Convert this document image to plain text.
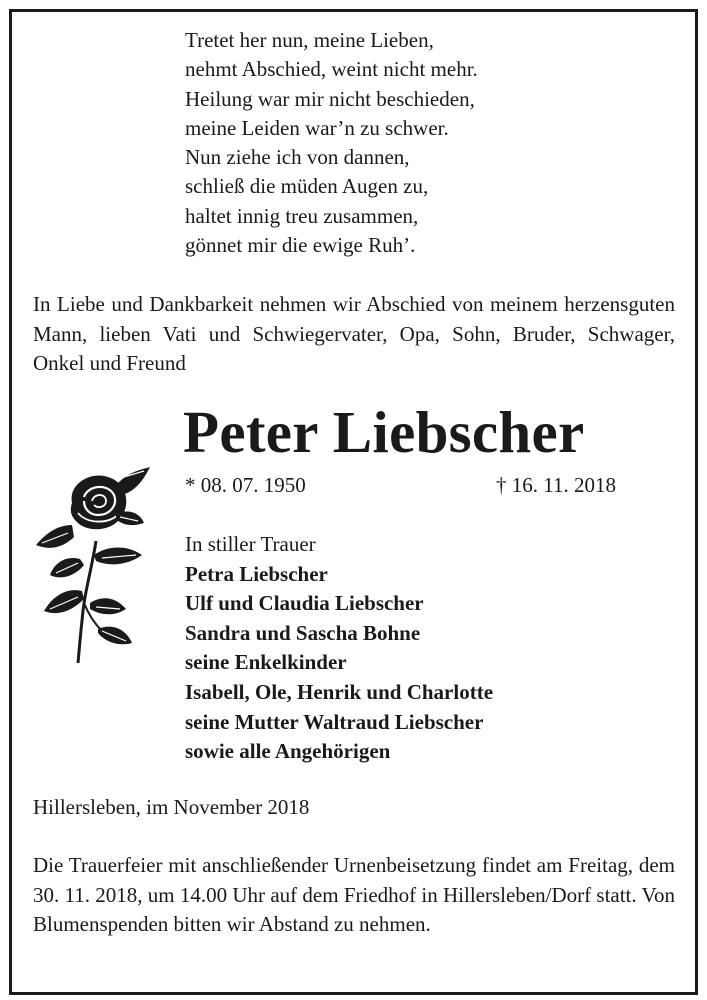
Tretet her nun, meine Lieben,
nehmt Abschied, weint nicht mehr.
Heilung war mir nicht beschieden,
meine Leiden war’n zu schwer.
Nun ziehe ich von dannen,
schließ die müden Augen zu,
haltet innig treu zusammen,
gönnet mir die ewige Ruh’.
In Liebe und Dankbarkeit nehmen wir Abschied von meinem herzensguten Mann, lieben Vati und Schwiegervater, Opa, Sohn, Bruder, Schwager, Onkel und Freund
Peter Liebscher
* 08. 07. 1950	† 16. 11. 2018
In stiller Trauer
Petra Liebscher
Ulf und Claudia Liebscher
Sandra und Sascha Bohne
seine Enkelkinder
Isabell, Ole, Henrik und Charlotte
seine Mutter Waltraud Liebscher
sowie alle Angehörigen
Hillersleben, im November 2018
Die Trauerfeier mit anschließender Urnenbeisetzung findet am Freitag, dem 30. 11. 2018, um 14.00 Uhr auf dem Friedhof in Hillersleben/Dorf statt. Von Blumenspenden bitten wir Abstand zu nehmen.
